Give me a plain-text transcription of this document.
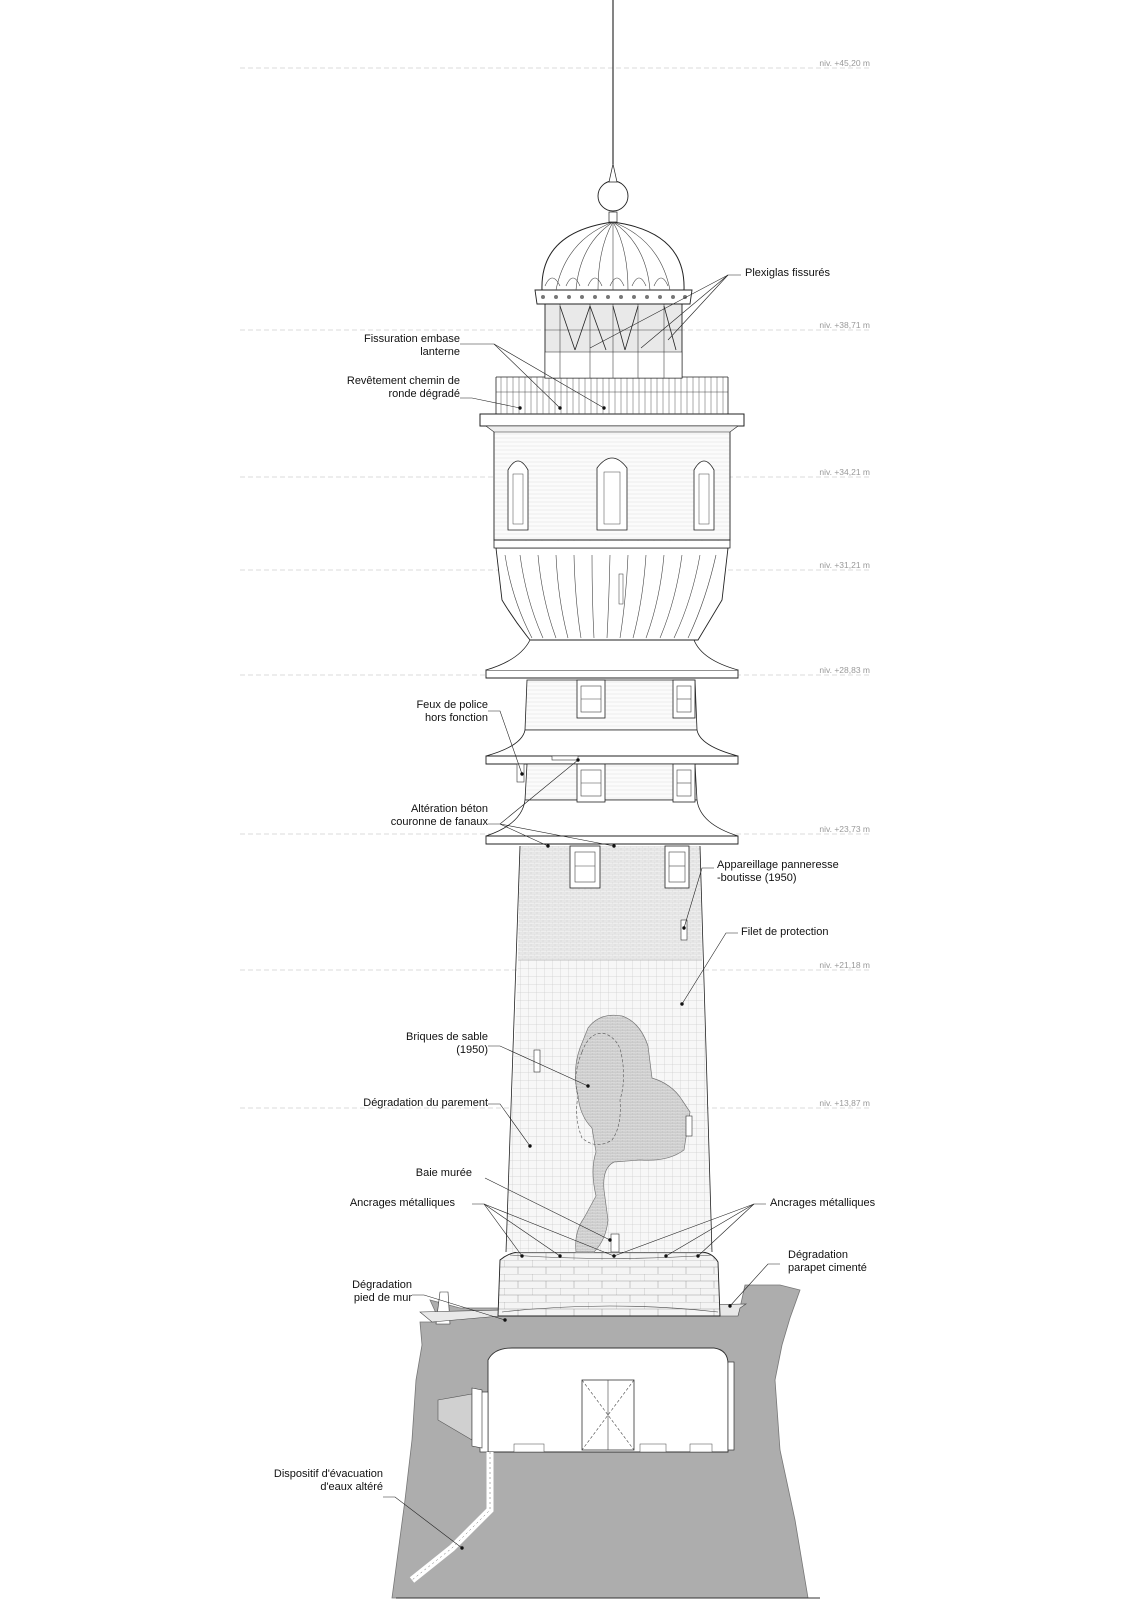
niv. +45,20 m
niv. +38,71 m
niv. +34,21 m
niv. +31,21 m
niv. +28,83 m
niv. +23,73 m
niv. +21,18 m
niv. +13,87 m
Plexiglas fissurés
Fissuration embase
lanterne
Revêtement chemin de
ronde dégradé
Feux de police
hors fonction
Altération béton
couronne de fanaux
Appareillage panneresse
-boutisse (1950)
Filet de protection
Briques de sable
(1950)
Dégradation du parement
Baie murée
Ancrages métalliques	Ancrages métalliques
Dégradation
parapet cimenté
Dégradation
pied de mur
Dispositif d'évacuation
d'eaux altéré
